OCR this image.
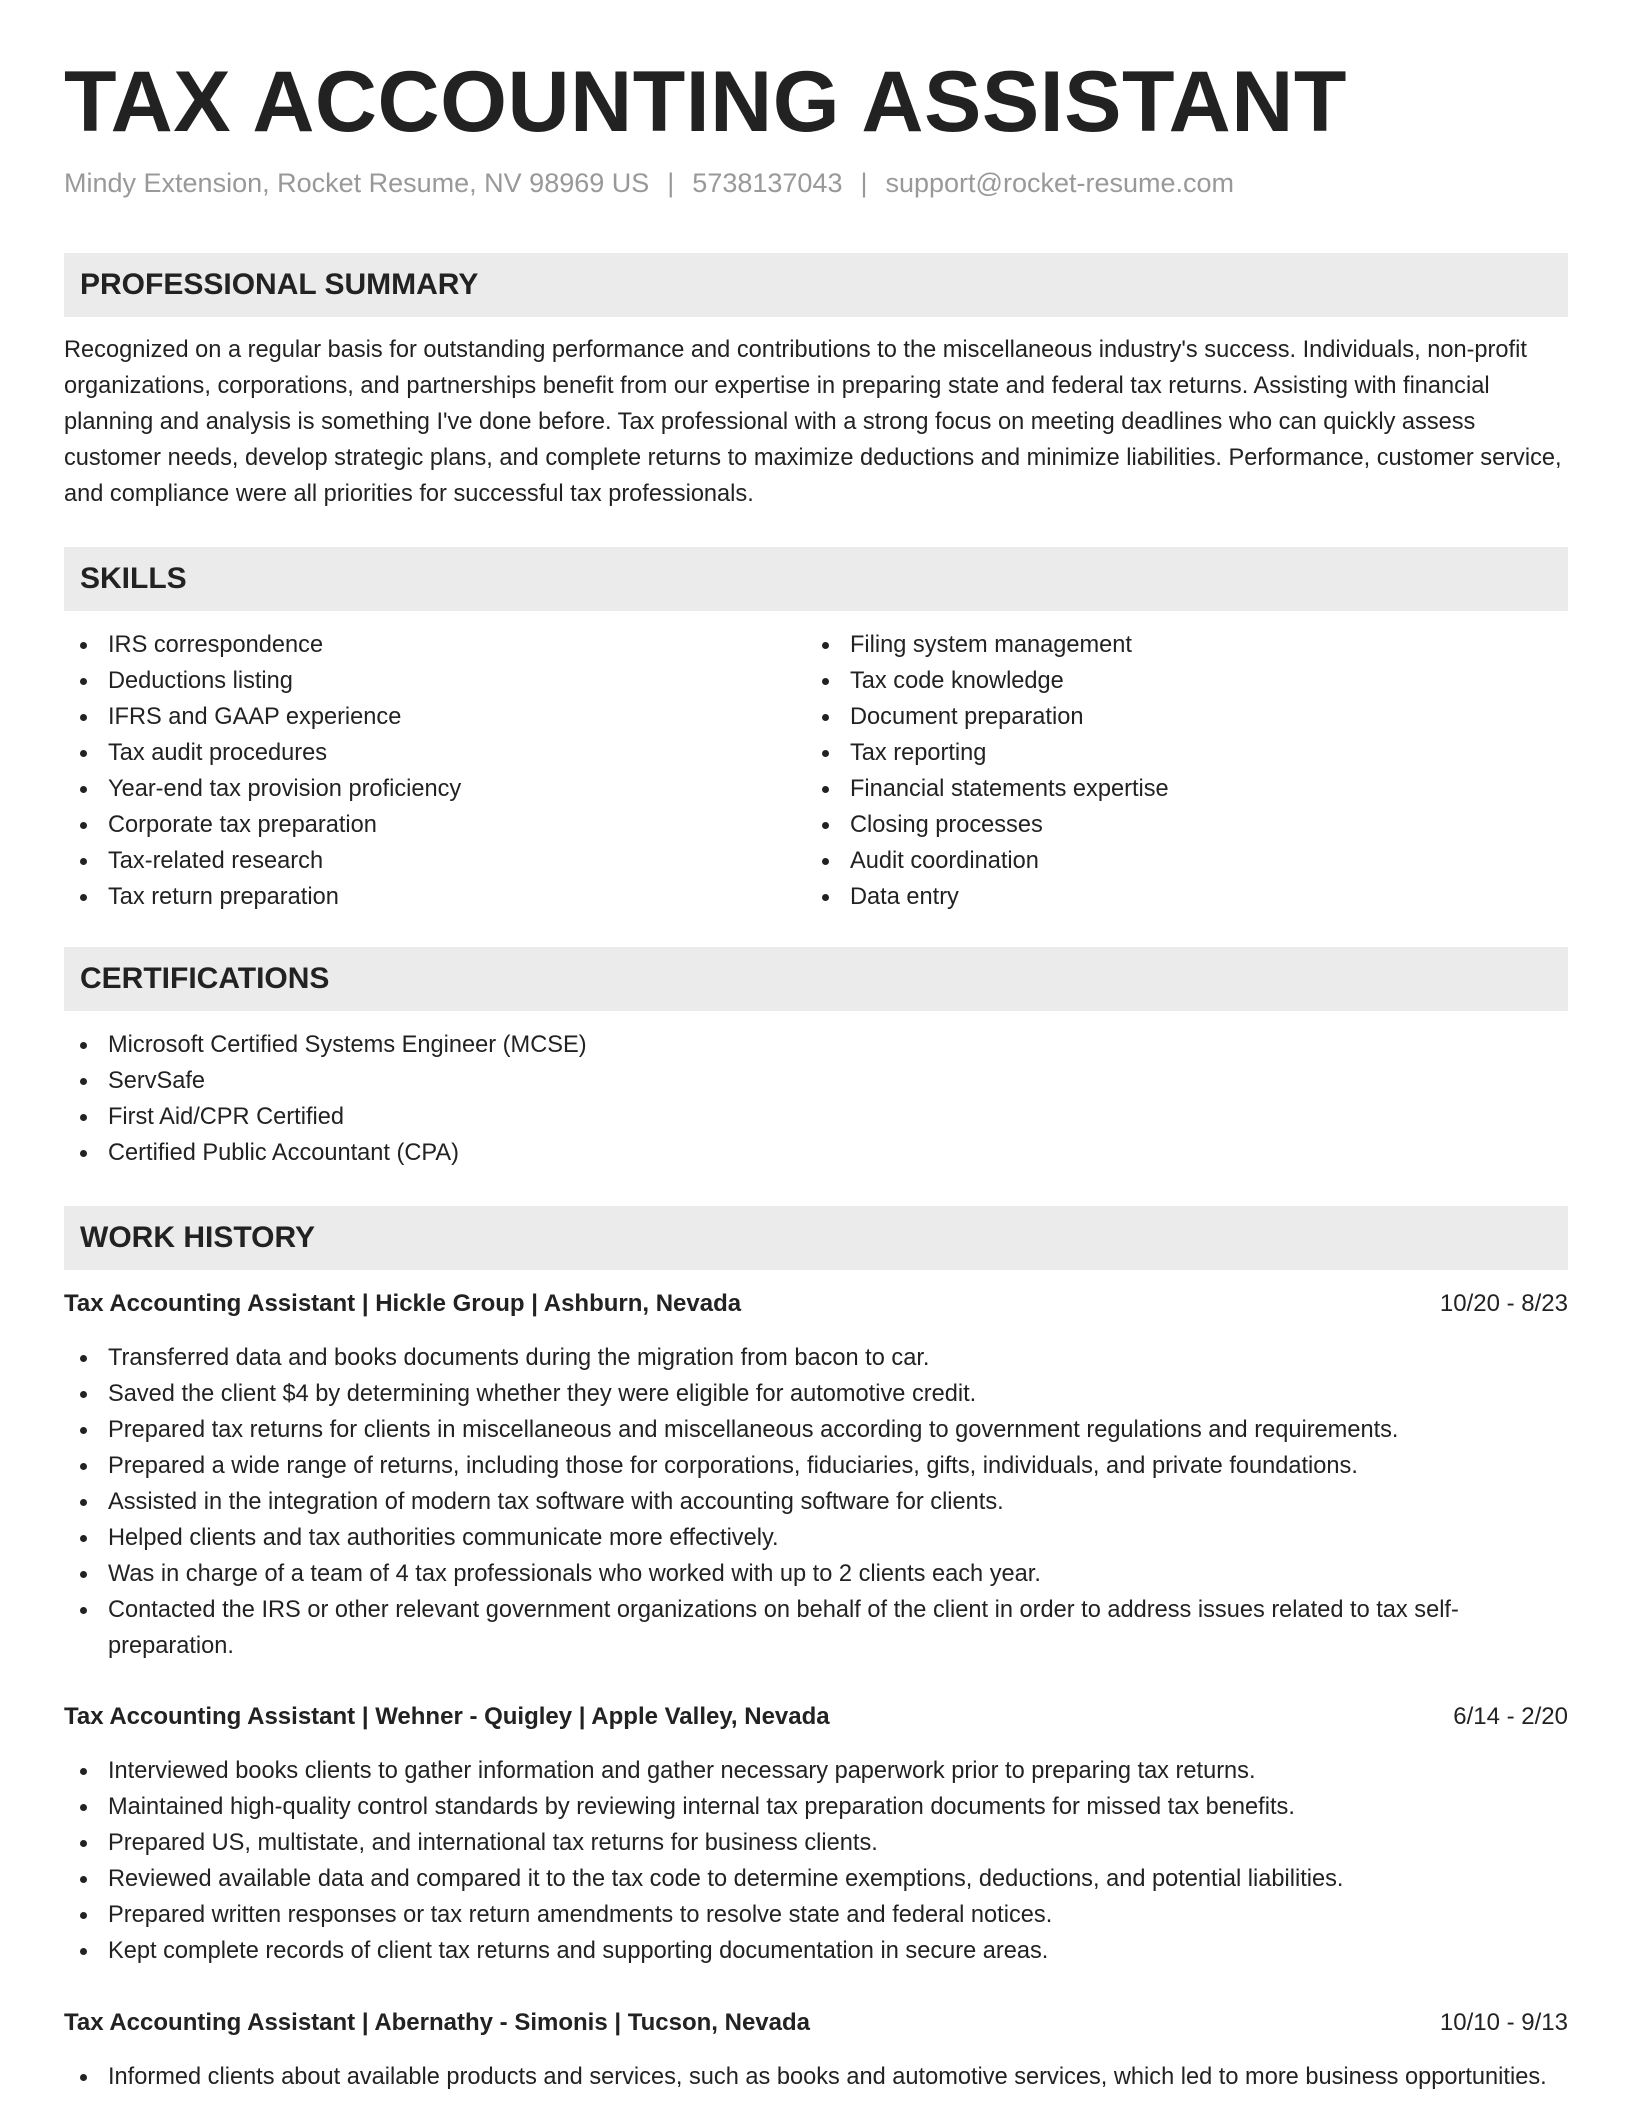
TAX ACCOUNTING ASSISTANT
Mindy Extension, Rocket Resume, NV 98969 US | 5738137043 | support@rocket-resume.com
PROFESSIONAL SUMMARY

Recognized on a regular basis for outstanding performance and contributions to the miscellaneous industry's success. Individuals, non-profit organizations, corporations, and partnerships benefit from our expertise in preparing state and federal tax returns. Assisting with financial planning and analysis is something I've done before. Tax professional with a strong focus on meeting deadlines who can quickly assess customer needs, develop strategic plans, and complete returns to maximize deductions and minimize liabilities. Performance, customer service, and compliance were all priorities for successful tax professionals.

SKILLS
IRS correspondence
Deductions listing
IFRS and GAAP experience
Tax audit procedures
Year-end tax provision proficiency
Corporate tax preparation
Tax-related research
Tax return preparation
Filing system management
Tax code knowledge
Document preparation
Tax reporting
Financial statements expertise
Closing processes
Audit coordination
Data entry
CERTIFICATIONS
Microsoft Certified Systems Engineer (MCSE)
ServSafe
First Aid/CPR Certified
Certified Public Accountant (CPA)
WORK HISTORY
Tax Accounting Assistant | Hickle Group | Ashburn, Nevada	10/20 - 8/23
Transferred data and books documents during the migration from bacon to car.
Saved the client $4 by determining whether they were eligible for automotive credit.
Prepared tax returns for clients in miscellaneous and miscellaneous according to government regulations and requirements.
Prepared a wide range of returns, including those for corporations, fiduciaries, gifts, individuals, and private foundations.
Assisted in the integration of modern tax software with accounting software for clients.
Helped clients and tax authorities communicate more effectively.
Was in charge of a team of 4 tax professionals who worked with up to 2 clients each year.
Contacted the IRS or other relevant government organizations on behalf of the client in order to address issues related to tax self-preparation.
Tax Accounting Assistant | Wehner - Quigley | Apple Valley, Nevada	6/14 - 2/20
Interviewed books clients to gather information and gather necessary paperwork prior to preparing tax returns.
Maintained high-quality control standards by reviewing internal tax preparation documents for missed tax benefits.
Prepared US, multistate, and international tax returns for business clients.
Reviewed available data and compared it to the tax code to determine exemptions, deductions, and potential liabilities.
Prepared written responses or tax return amendments to resolve state and federal notices.
Kept complete records of client tax returns and supporting documentation in secure areas.
Tax Accounting Assistant | Abernathy - Simonis | Tucson, Nevada	10/10 - 9/13
Informed clients about available products and services, such as books and automotive services, which led to more business opportunities.
